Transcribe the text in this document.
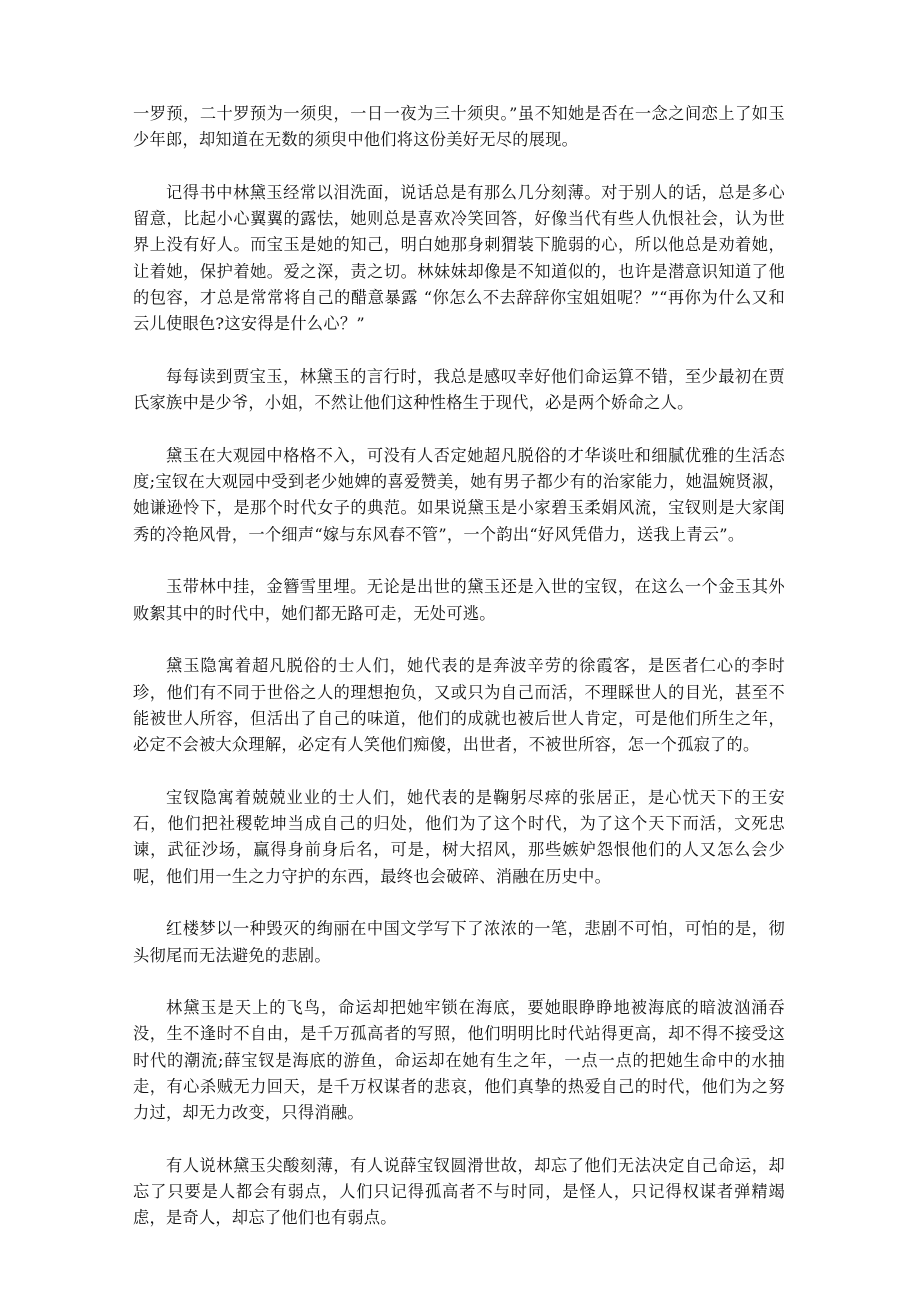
一罗预，二十罗预为一须臾，一日一夜为三十须臾。”虽不知她是否在一念之间恋上了如玉少年郎，却知道在无数的须臾中他们将这份美好无尽的展现。

记得书中林黛玉经常以泪洗面，说话总是有那么几分刻薄。对于别人的话，总是多心留意，比起小心翼翼的露怯，她则总是喜欢冷笑回答，好像当代有些人仇恨社会，认为世界上没有好人。而宝玉是她的知己，明白她那身刺猬装下脆弱的心，所以他总是劝着她，让着她，保护着她。爱之深，责之切。林妹妹却像是不知道似的，也许是潜意识知道了他的包容，才总是常常将自己的醋意暴露 “你怎么不去辞辞你宝姐姐呢？”“再你为什么又和云儿使眼色?这安得是什么心？”

每每读到贾宝玉，林黛玉的言行时，我总是感叹幸好他们命运算不错，至少最初在贾氏家族中是少爷，小姐，不然让他们这种性格生于现代，必是两个娇命之人。

黛玉在大观园中格格不入，可没有人否定她超凡脱俗的才华谈吐和细腻优雅的生活态度;宝钗在大观园中受到老少她婢的喜爱赞美，她有男子都少有的治家能力，她温婉贤淑，她谦逊怜下，是那个时代女子的典范。如果说黛玉是小家碧玉柔娟风流，宝钗则是大家闺秀的冷艳风骨，一个细声“嫁与东风春不管”，一个韵出“好风凭借力，送我上青云”。

玉带林中挂，金簪雪里埋。无论是出世的黛玉还是入世的宝钗，在这么一个金玉其外败絮其中的时代中，她们都无路可走，无处可逃。

黛玉隐寓着超凡脱俗的士人们，她代表的是奔波辛劳的徐霞客，是医者仁心的李时珍，他们有不同于世俗之人的理想抱负，又或只为自己而活，不理睬世人的目光，甚至不能被世人所容，但活出了自己的味道，他们的成就也被后世人肯定，可是他们所生之年，必定不会被大众理解，必定有人笑他们痴傻，出世者，不被世所容，怎一个孤寂了的。

宝钗隐寓着兢兢业业的士人们，她代表的是鞠躬尽瘁的张居正，是心忧天下的王安石，他们把社稷乾坤当成自己的归处，他们为了这个时代，为了这个天下而活，文死忠谏，武征沙场，赢得身前身后名，可是，树大招风，那些嫉妒怨恨他们的人又怎么会少呢，他们用一生之力守护的东西，最终也会破碎、消融在历史中。

红楼梦以一种毁灭的绚丽在中国文学写下了浓浓的一笔，悲剧不可怕，可怕的是，彻头彻尾而无法避免的悲剧。

林黛玉是天上的飞鸟，命运却把她牢锁在海底，要她眼睁睁地被海底的暗波汹涌吞没，生不逢时不自由，是千万孤高者的写照，他们明明比时代站得更高，却不得不接受这时代的潮流;薛宝钗是海底的游鱼，命运却在她有生之年，一点一点的把她生命中的水抽走，有心杀贼无力回天，是千万权谋者的悲哀，他们真挚的热爱自己的时代，他们为之努力过，却无力改变，只得消融。

有人说林黛玉尖酸刻薄，有人说薛宝钗圆滑世故，却忘了他们无法决定自己命运，却忘了只要是人都会有弱点，人们只记得孤高者不与时同，是怪人，只记得权谋者弹精竭虑，是奇人，却忘了他们也有弱点。
